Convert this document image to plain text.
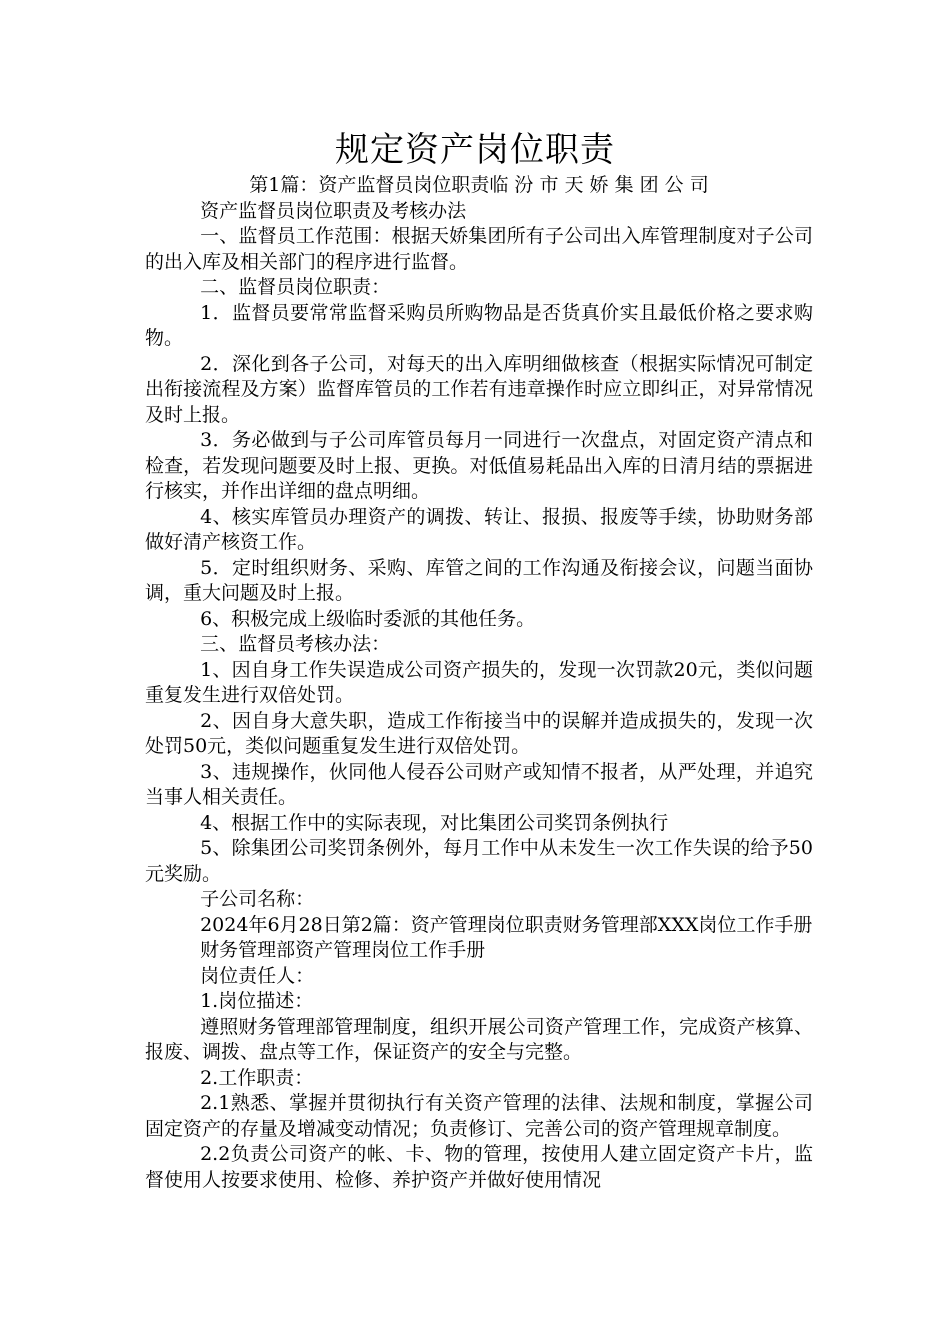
规定资产岗位职责

第1篇：资产监督员岗位职责临 汾 市 天 娇 集 团 公 司

资产监督员岗位职责及考核办法

一、监督员工作范围：根据天娇集团所有子公司出入库管理制度对子公司的出入库及相关部门的程序进行监督。

二、监督员岗位职责：

1．监督员要常常监督采购员所购物品是否货真价实且最低价格之要求购物。

2．深化到各子公司，对每天的出入库明细做核查（根据实际情况可制定出衔接流程及方案）监督库管员的工作若有违章操作时应立即纠正，对异常情况及时上报。

3．务必做到与子公司库管员每月一同进行一次盘点，对固定资产清点和检查，若发现问题要及时上报、更换。对低值易耗品出入库的日清月结的票据进行核实，并作出详细的盘点明细。

4、核实库管员办理资产的调拨、转让、报损、报废等手续，协助财务部做好清产核资工作。

5．定时组织财务、采购、库管之间的工作沟通及衔接会议，问题当面协调，重大问题及时上报。

6、积极完成上级临时委派的其他任务。

三、监督员考核办法：

1、因自身工作失误造成公司资产损失的，发现一次罚款20元，类似问题重复发生进行双倍处罚。

2、因自身大意失职，造成工作衔接当中的误解并造成损失的，发现一次处罚50元，类似问题重复发生进行双倍处罚。

3、违规操作，伙同他人侵吞公司财产或知情不报者，从严处理，并追究当事人相关责任。

4、根据工作中的实际表现，对比集团公司奖罚条例执行

5、除集团公司奖罚条例外，每月工作中从未发生一次工作失误的给予50元奖励。

子公司名称：

2024年6月28日第2篇：资产管理岗位职责财务管理部XXX岗位工作手册

财务管理部资产管理岗位工作手册

岗位责任人：

1.岗位描述：

遵照财务管理部管理制度，组织开展公司资产管理工作，完成资产核算、报废、调拨、盘点等工作，保证资产的安全与完整。

2.工作职责：

2.1熟悉、掌握并贯彻执行有关资产管理的法律、法规和制度，掌握公司固定资产的存量及增减变动情况；负责修订、完善公司的资产管理规章制度。

2.2负责公司资产的帐、卡、物的管理，按使用人建立固定资产卡片，监督使用人按要求使用、检修、养护资产并做好使用情况
